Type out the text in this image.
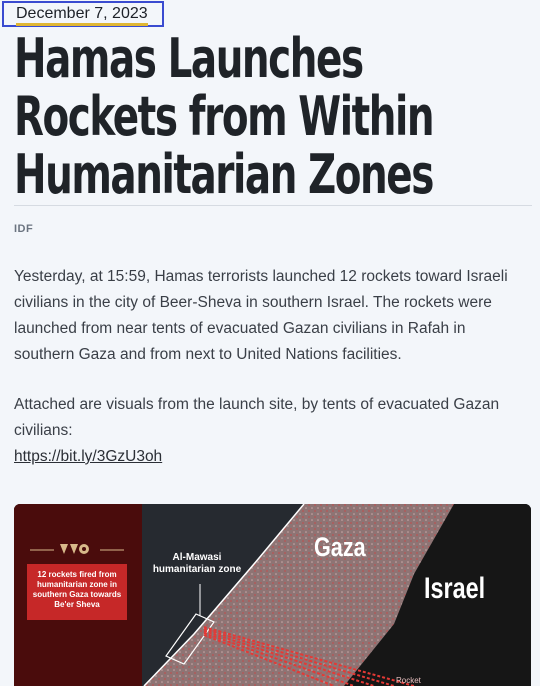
December 7, 2023
Hamas Launches Rockets from Within Humanitarian Zones
IDF

Yesterday, at 15:59, Hamas terrorists launched 12 rockets toward Israeli civilians in the city of Beer-Sheva in southern Israel. The rockets were launched from near tents of evacuated Gazan civilians in Rafah in southern Gaza and from next to United Nations facilities.

Attached are visuals from the launch site, by tents of evacuated Gazan civilians:
https://bit.ly/3GzU3oh

12 rockets fired from humanitarian zone in southern Gaza towards Be'er Sheva
Al-Mawasi humanitarian zone
Gaza
Israel
Rocket
